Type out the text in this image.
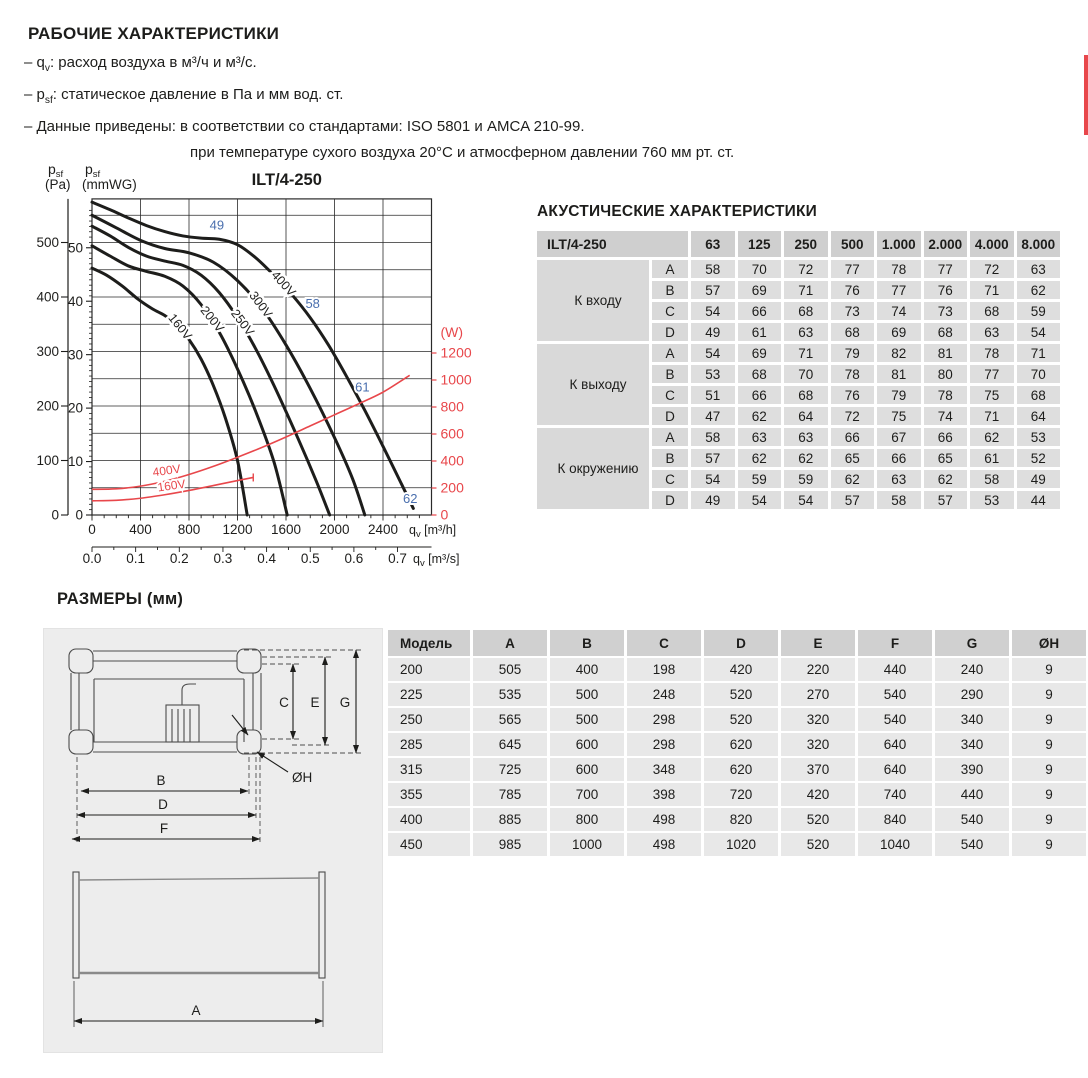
РАБОЧИЕ ХАРАКТЕРИСТИКИ
– $q_v$: расход воздуха в м³/ч и м³/с.
– $p_{sf}$: статическое давление в Па и мм вод. ст.
– Данные приведены: в соответствии со стандартами: ISO 5801 и AMCA 210-99.
при температуре сухого воздуха 20°C и атмосферном давлении 760 мм рт. ст.
ILT/4-250
0
100
200
300
400
500
$p_{sf}$
(Pa)
0
10
20
30
40
50
$p_{sf}$
(mmWG)
0 400 800 1200 1600 2000 2400 $q_v$ [m³/h]
0.0 0.1 0.2 0.3 0.4 0.5 0.6 0.7 $q_v$ [m³/s]
0
200
400
600
800
1000
1200
(W)
160V 200V 250V
300V
400V
400V
160V
49
58
61
62
АКУСТИЧЕСКИЕ ХАРАКТЕРИСТИКИ
ILT/4-250	63	125	250	500	1.000 2.000 4.000 8.000
К входу
A	58	70	72	77	78	77	72	63
B	57	69	71	76	77	76	71	62
C	54	66	68	73	74	73	68	59
D	49	61	63	68	69	68	63	54
К выходу
A	54	69	71	79	82	81	78	71
B	53	68	70	78	81	80	77	70
C	51	66	68	76	79	78	75	68
D	47	62	64	72	75	74	71	64
К окружению
A	58	63	63	66	67	66	62	53
B	57	62	62	65	66	65	61	52
C	54	59	59	62	63	62	58	49
D	49	54	54	57	58	57	53	44
РАЗМЕРЫ (мм)
B
D
F
C E G
ØH
A
Модель	A	B	C	D	E	F	G	ØH
200	505	400	198	420	220	440	240	9
225	535	500	248	520	270	540	290	9
250	565	500	298	520	320	540	340	9
285	645	600	298	620	320	640	340	9
315	725	600	348	620	370	640	390	9
355	785	700	398	720	420	740	440	9
400	885	800	498	820	520	840	540	9
450	985	1000	498	1020	520	1040	540	9
